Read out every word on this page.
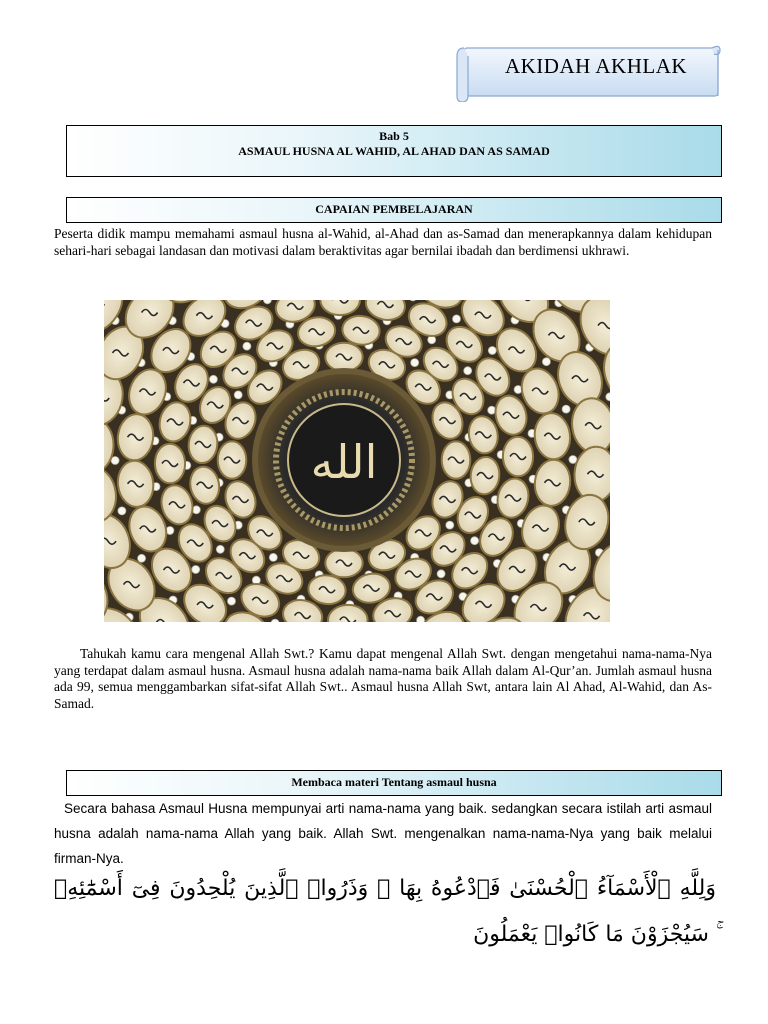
AKIDAH AKHLAK
Bab 5
ASMAUL HUSNA AL WAHID, AL AHAD DAN AS SAMAD
CAPAIAN PEMBELAJARAN
Peserta didik mampu memahami asmaul husna al-Wahid, al-Ahad dan as-Samad dan menerapkannya dalam kehidupan sehari-hari sebagai landasan dan motivasi dalam beraktivitas agar bernilai ibadah dan berdimensi ukhrawi.
الله
Tahukah kamu cara mengenal Allah Swt.? Kamu dapat mengenal Allah Swt. dengan mengetahui nama-nama-Nya yang terdapat dalam asmaul husna. Asmaul husna adalah nama-nama baik Allah dalam Al-Qur’an. Jumlah asmaul husna ada 99, semua menggambarkan sifat-sifat Allah Swt.. Asmaul husna Allah Swt, antara lain Al Ahad, Al-Wahid, dan As-Samad.
Membaca materi Tentang asmaul husna
Secara bahasa Asmaul Husna mempunyai arti nama-nama yang baik. sedangkan secara istilah arti asmaul husna adalah nama-nama Allah yang baik. Allah Swt. mengenalkan nama-nama-Nya yang baik melalui firman-Nya.
وَلِلَّهِ ٱلْأَسْمَآءُ ٱلْحُسْنَىٰ فَٱدْعُوهُ بِهَا ۖ وَذَرُوا۟ ٱلَّذِينَ يُلْحِدُونَ فِىٓ أَسْمَٰٓئِهِۦ ۚ سَيُجْزَوْنَ مَا كَانُوا۟ يَعْمَلُونَ
